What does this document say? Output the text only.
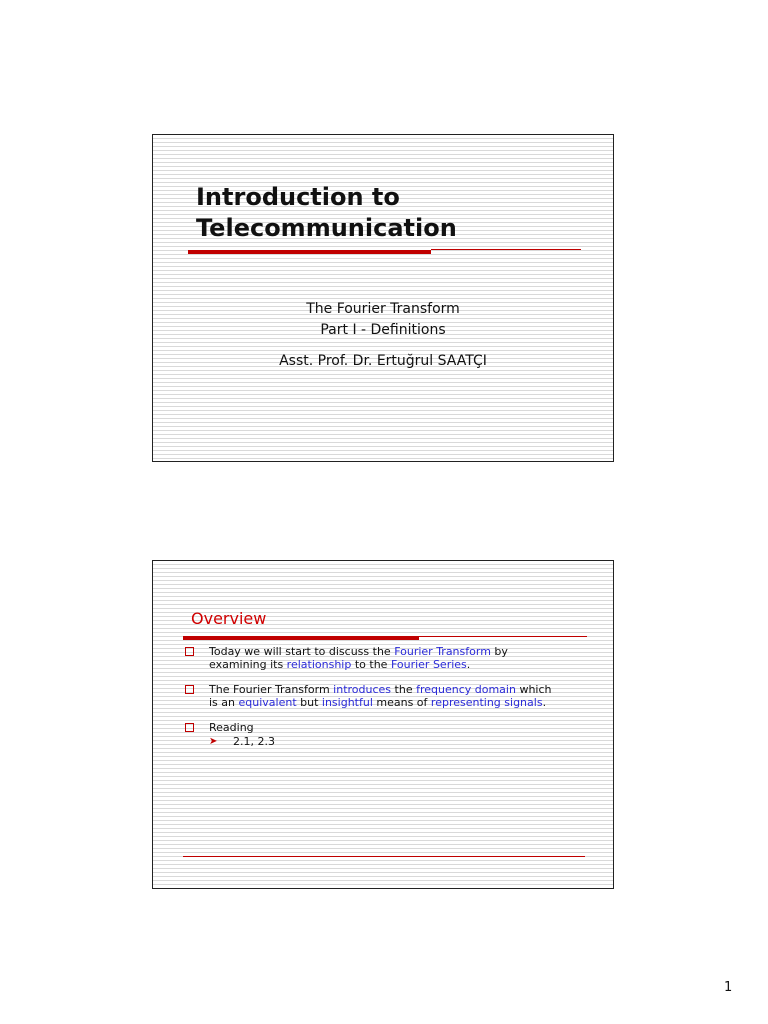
Introduction to
Telecommunication
The Fourier Transform
Part I - Definitions
Asst. Prof. Dr. Ertuğrul SAATÇI
Overview
Today we will start to discuss the Fourier Transform by
examining its relationship to the Fourier Series.
The Fourier Transform introduces the frequency domain which
is an equivalent but insightful means of representing signals.
Reading
➤ 2.1, 2.3
1
